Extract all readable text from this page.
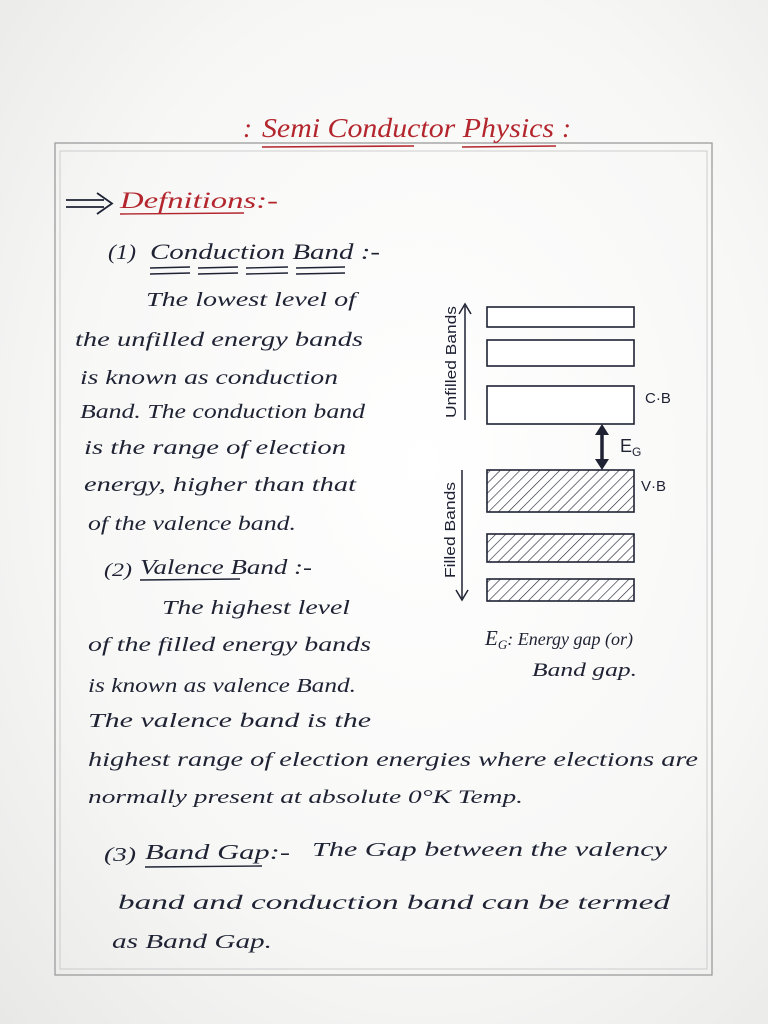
: Semi Conductor Physics :
Defnitions:-
(1) Conduction Band :-
The lowest level of
the unfilled energy bands
is known as conduction
Band. The conduction band
is the range of election
energy, higher than that
of the valence band.
(2) Valence Band :-
The highest level
of the filled energy bands
is known as valence Band.
The valence band is the
highest range of election energies where elections are
normally present at absolute 0°K Temp.
(3) Band Gap:- The Gap between the valency
band and conduction band can be termed
as Band Gap.
Unfilled Bands	C·B
$E_G$
V·B
Filled Bands
EG: Energy gap (or)
Band gap.
